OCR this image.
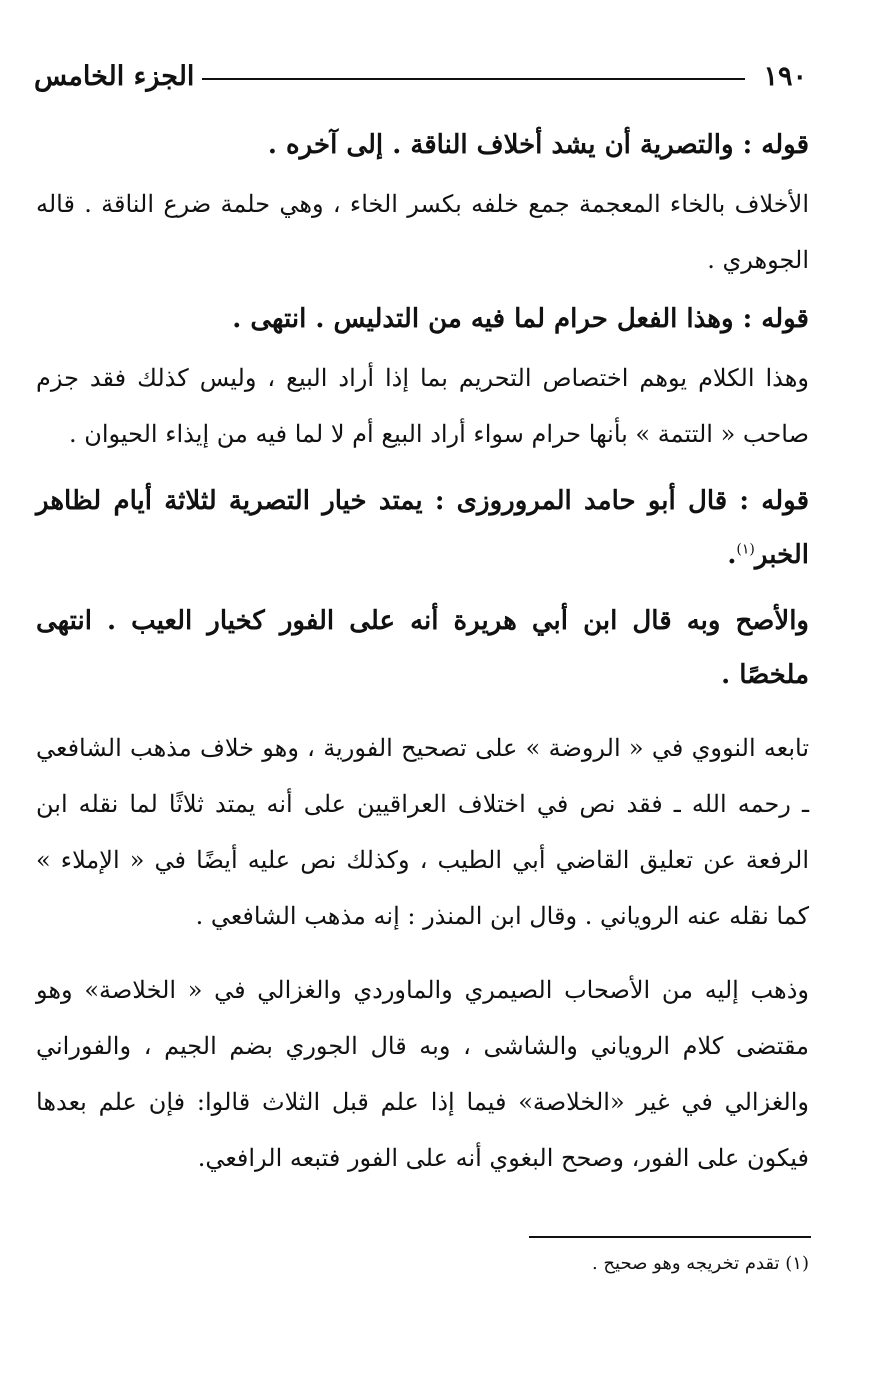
١٩٠
الجزء الخامس

قوله : والتصرية أن يشد أخلاف الناقة . إلى آخره .

الأخلاف بالخاء المعجمة جمع خلفه بكسر الخاء ، وهي حلمة ضرع الناقة . قاله الجوهري .

قوله : وهذا الفعل حرام لما فيه من التدليس . انتهى .

وهذا الكلام يوهم اختصاص التحريم بما إذا أراد البيع ، وليس كذلك فقد جزم صاحب « التتمة » بأنها حرام سواء أراد البيع أم لا لما فيه من إيذاء الحيوان .

قوله : قال أبو حامد المروروزى : يمتد خيار التصرية لثلاثة أيام لظاهر الخبر$^{(١)}$.

والأصح وبه قال ابن أبي هريرة أنه على الفور كخيار العيب . انتهى ملخصًا .

تابعه النووي في « الروضة » على تصحيح الفورية ، وهو خلاف مذهب الشافعي ـ رحمه الله ـ فقد نص في اختلاف العراقيين على أنه يمتد ثلاثًا لما نقله ابن الرفعة عن تعليق القاضي أبي الطيب ، وكذلك نص عليه أيضًا في « الإملاء » كما نقله عنه الروياني . وقال ابن المنذر : إنه مذهب الشافعي .

وذهب إليه من الأصحاب الصيمري والماوردي والغزالي في « الخلاصة» وهو مقتضى كلام الروياني والشاشى ، وبه قال الجوري بضم الجيم ، والفوراني والغزالي في غير «الخلاصة» فيما إذا علم قبل الثلاث قالوا: فإن علم بعدها فيكون على الفور، وصحح البغوي أنه على الفور فتبعه الرافعي.

(١) تقدم تخريجه وهو صحيح .
